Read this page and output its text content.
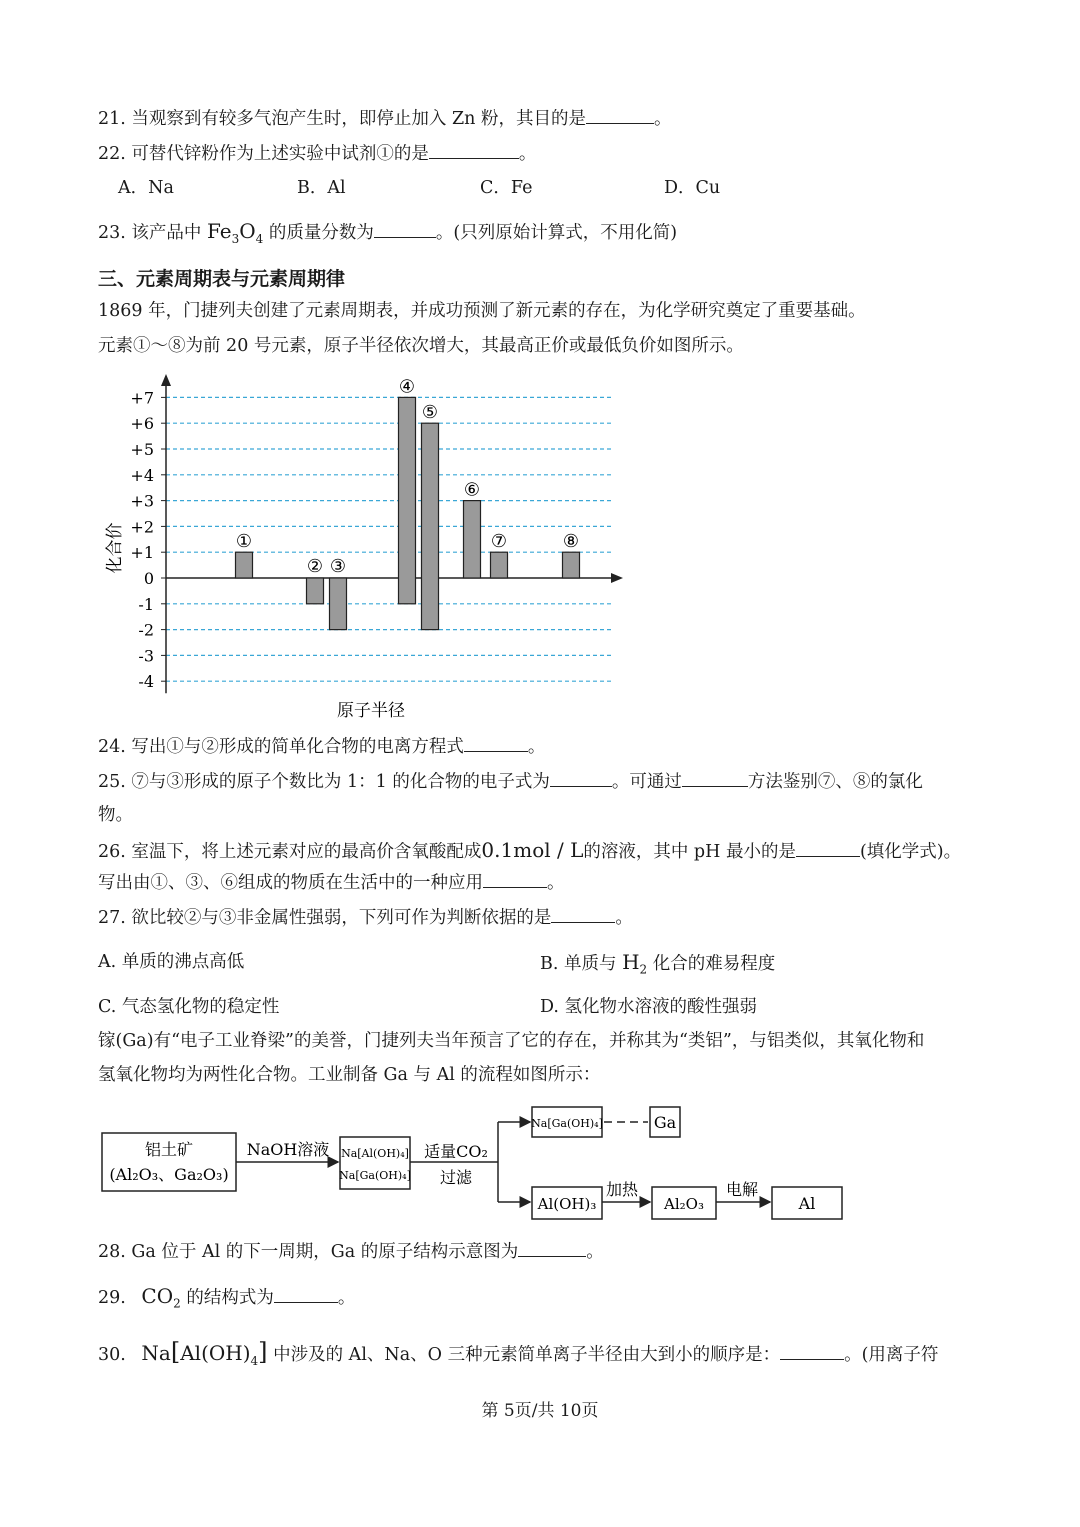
21. 当观察到有较多气泡产生时，即停止加入 Zn 粉，其目的是	。
22. 可替代锌粉作为上述实验中试剂①的是	。
A．Na	B．Al	C．Fe	D．Cu
23. 该产品中 $Fe_3O_4$ 的质量分数为	。(只列原始计算式，不用化简)
三、元素周期表与元素周期律
1869 年，门捷列夫创建了元素周期表，并成功预测了新元素的存在，为化学研究奠定了重要基础。
元素①～⑧为前 20 号元素，原子半径依次增大，其最高正价或最低负价如图所示。
+7
+6
+5
+4
+3
+2
+1
0
-1
-2
-3
-4
化合价
原子半径
①
② ③
④
⑤
⑥
⑦	⑧
24. 写出①与②形成的简单化合物的电离方程式	。
25. ⑦与③形成的原子个数比为 1：1 的化合物的电子式为	。可通过	方法鉴别⑦、⑧的氯化
物。
26. 室温下，将上述元素对应的最高价含氧酸配成0.1mol / L的溶液，其中 pH 最小的是	(填化学式)。
写出由①、③、⑥组成的物质在生活中的一种应用	。
27. 欲比较②与③非金属性强弱，下列可作为判断依据的是	。
A. 单质的沸点高低	B. 单质与 $H_2$ 化合的难易程度
C. 气态氢化物的稳定性	D. 氢化物水溶液的酸性强弱
镓(Ga)有“电子工业脊梁”的美誉，门捷列夫当年预言了它的存在，并称其为“类铝”，与铝类似，其氧化物和
氢氧化物均为两性化合物。工业制备 Ga 与 Al 的流程如图所示：
铝土矿
(Al₂O₃、Ga₂O₃)
NaOH溶液 Na[Al(OH)₄]
Na[Ga(OH)₄]
适量CO₂
过滤
Na[Ga(OH)₄]	Ga
Al(OH)₃
加热
Al₂O₃
电解
Al
28. Ga 位于 Al 的下一周期，Ga 的原子结构示意图为	。
29. $CO_2$ 的结构式为	。
30. $Na[Al(OH)_4]$ 中涉及的 Al、Na、O 三种元素简单离子半径由大到小的顺序是：	。(用离子符
第 5页/共 10页
